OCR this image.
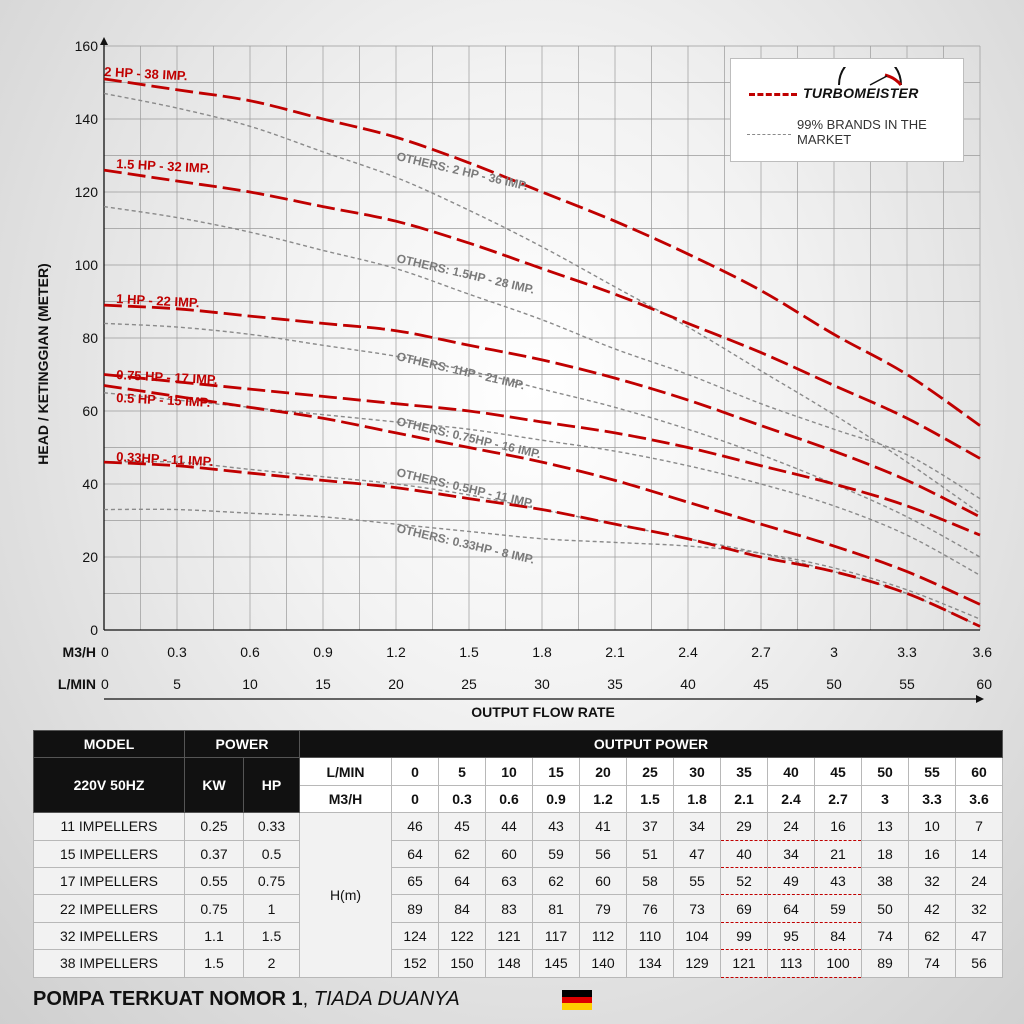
0
20
40
60
80
100
120
140
160
M3/H 0	0.3	0.6	0.9	1.2	1.5	1.8	2.1	2.4	2.7	3	3.3	3.6
L/MIN 0	5	10	15	20	25	30	35	40	45	50	55	60
2 HP - 38 IMP.
1.5 HP - 32 IMP.
1 HP - 22 IMP.
0.75 HP - 17 IMP.
0.5 HP - 15 IMP.
0.33HP - 11 IMP.
OTHERS: 2 HP - 36 IMP.
OTHERS: 1.5HP - 28 IMP.
OTHERS: 1HP - 21 IMP.
OTHERS: 0.75HP - 16 IMP.
OTHERS: 0.5HP - 11 IMP.
OTHERS: 0.33HP - 8 IMP.
HEAD / KETINGGIAN (METER)
OUTPUT FLOW RATE
TURBOMEISTER
99% BRANDS IN THE MARKET
MODEL	POWER		OUTPUT POWER													
220V 50HZ	KW	HP	L/MIN	0	5	10	15	20	25	30	35	40	45	50	55	60
			M3/H	0	0.3	0.6	0.9	1.2	1.5	1.8	2.1	2.4	2.7	3	3.3	3.6
11 IMPELLERS	0.25	0.33	H(m)	46	45	44	43	41	37	34	29	24	16	13	10	7
15 IMPELLERS	0.37	0.5		64	62	60	59	56	51	47	40	34	21	18	16	14
17 IMPELLERS	0.55	0.75		65	64	63	62	60	58	55	52	49	43	38	32	24
22 IMPELLERS	0.75	1		89	84	83	81	79	76	73	69	64	59	50	42	32
32 IMPELLERS	1.1	1.5		124	122	121	117	112	110	104	99	95	84	74	62	47
38 IMPELLERS	1.5	2		152	150	148	145	140	134	129	121	113	100	89	74	56
POMPA TERKUAT NOMOR 1, TIADA DUANYA
